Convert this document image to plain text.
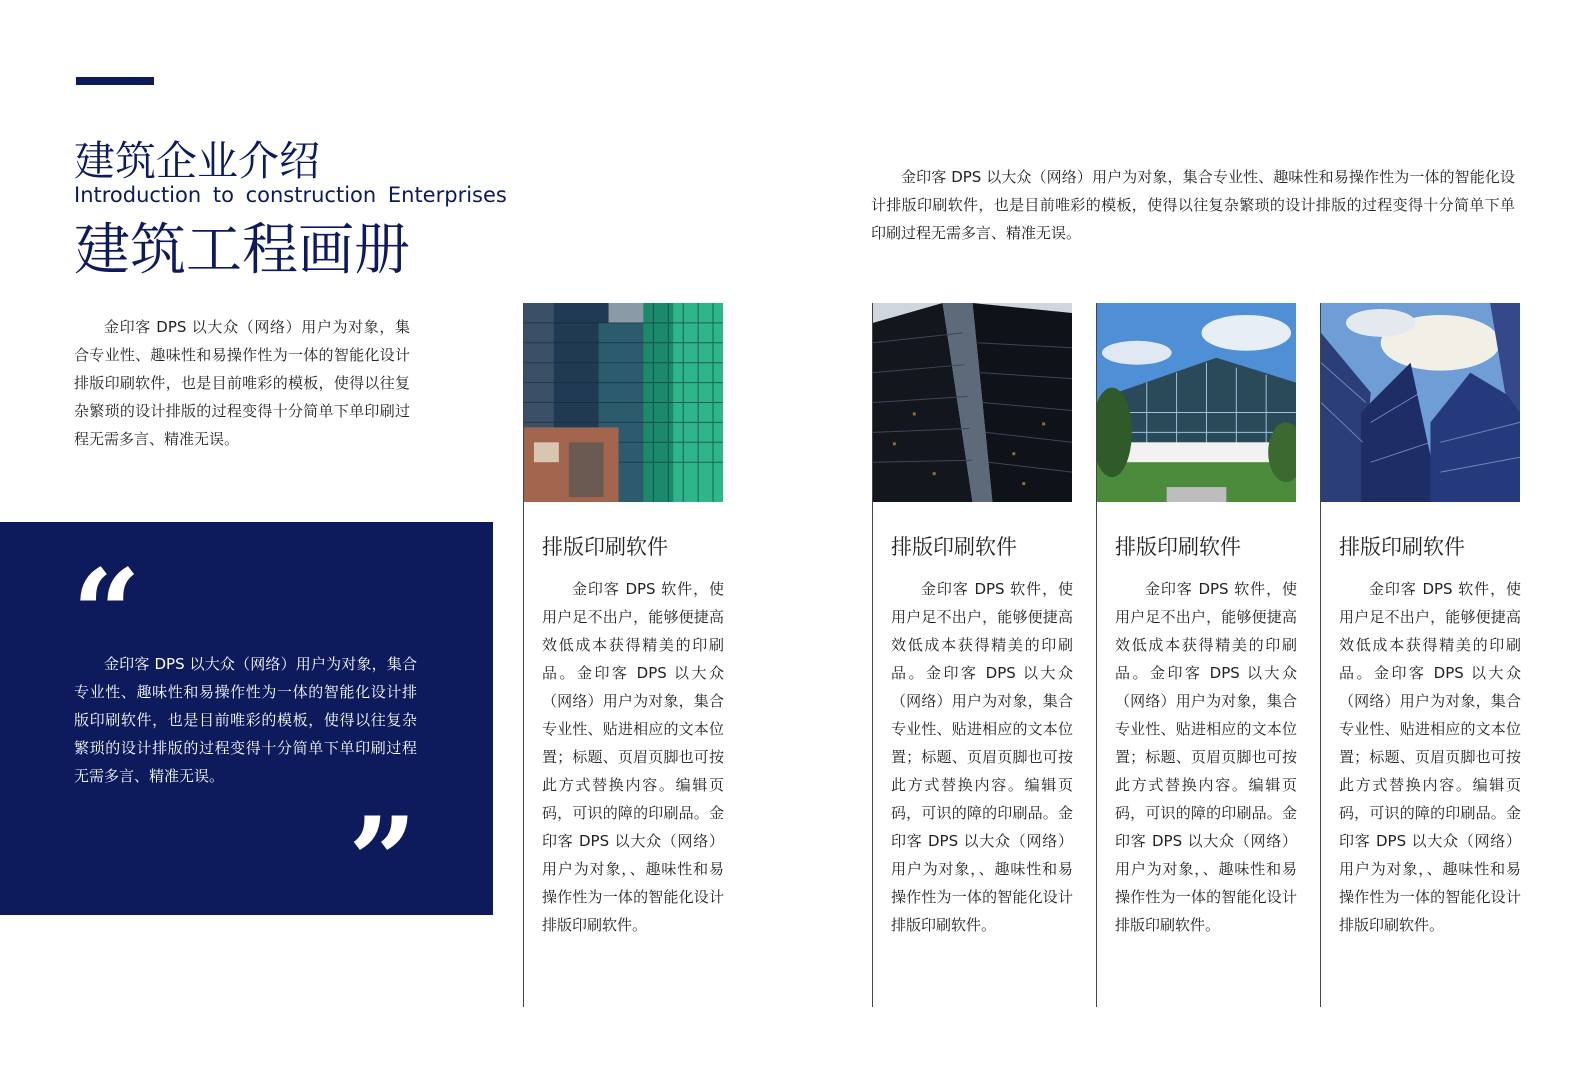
建筑企业介绍
Introduction to construction Enterprises
建筑工程画册

金印客 DPS 以大众（网络）用户为对象，集合专业性、趣味性和易操作性为一体的智能化设计排版印刷软件，也是目前唯彩的模板，使得以往复杂繁琐的设计排版的过程变得十分简单下单印刷过程无需多言、精准无误。

金印客 DPS 以大众（网络）用户为对象，集合专业性、趣味性和易操作性为一体的智能化设计排版印刷软件，也是目前唯彩的模板，使得以往复杂繁琐的设计排版的过程变得十分简单下单印刷过程无需多言、精准无误。

“

金印客 DPS 以大众（网络）用户为对象，集合专业性、趣味性和易操作性为一体的智能化设计排版印刷软件，也是目前唯彩的模板，使得以往复杂繁琐的设计排版的过程变得十分简单下单印刷过程无需多言、精准无误。

”
排版印刷软件

金印客 DPS 软件，使用户足不出户，能够便捷高效低成本获得精美的印刷品。金印客 DPS 以大众（网络）用户为对象，集合专业性、贴进相应的文本位置；标题、页眉页脚也可按此方式替换内容。编辑页码，可识的障的印刷品。金印客 DPS 以大众（网络）用户为对象，、趣味性和易操作性为一体的智能化设计排版印刷软件。

排版印刷软件

金印客 DPS 软件，使用户足不出户，能够便捷高效低成本获得精美的印刷品。金印客 DPS 以大众（网络）用户为对象，集合专业性、贴进相应的文本位置；标题、页眉页脚也可按此方式替换内容。编辑页码，可识的障的印刷品。金印客 DPS 以大众（网络）用户为对象，、趣味性和易操作性为一体的智能化设计排版印刷软件。

排版印刷软件

金印客 DPS 软件，使用户足不出户，能够便捷高效低成本获得精美的印刷品。金印客 DPS 以大众（网络）用户为对象，集合专业性、贴进相应的文本位置；标题、页眉页脚也可按此方式替换内容。编辑页码，可识的障的印刷品。金印客 DPS 以大众（网络）用户为对象，、趣味性和易操作性为一体的智能化设计排版印刷软件。

排版印刷软件

金印客 DPS 软件，使用户足不出户，能够便捷高效低成本获得精美的印刷品。金印客 DPS 以大众（网络）用户为对象，集合专业性、贴进相应的文本位置；标题、页眉页脚也可按此方式替换内容。编辑页码，可识的障的印刷品。金印客 DPS 以大众（网络）用户为对象，、趣味性和易操作性为一体的智能化设计排版印刷软件。
